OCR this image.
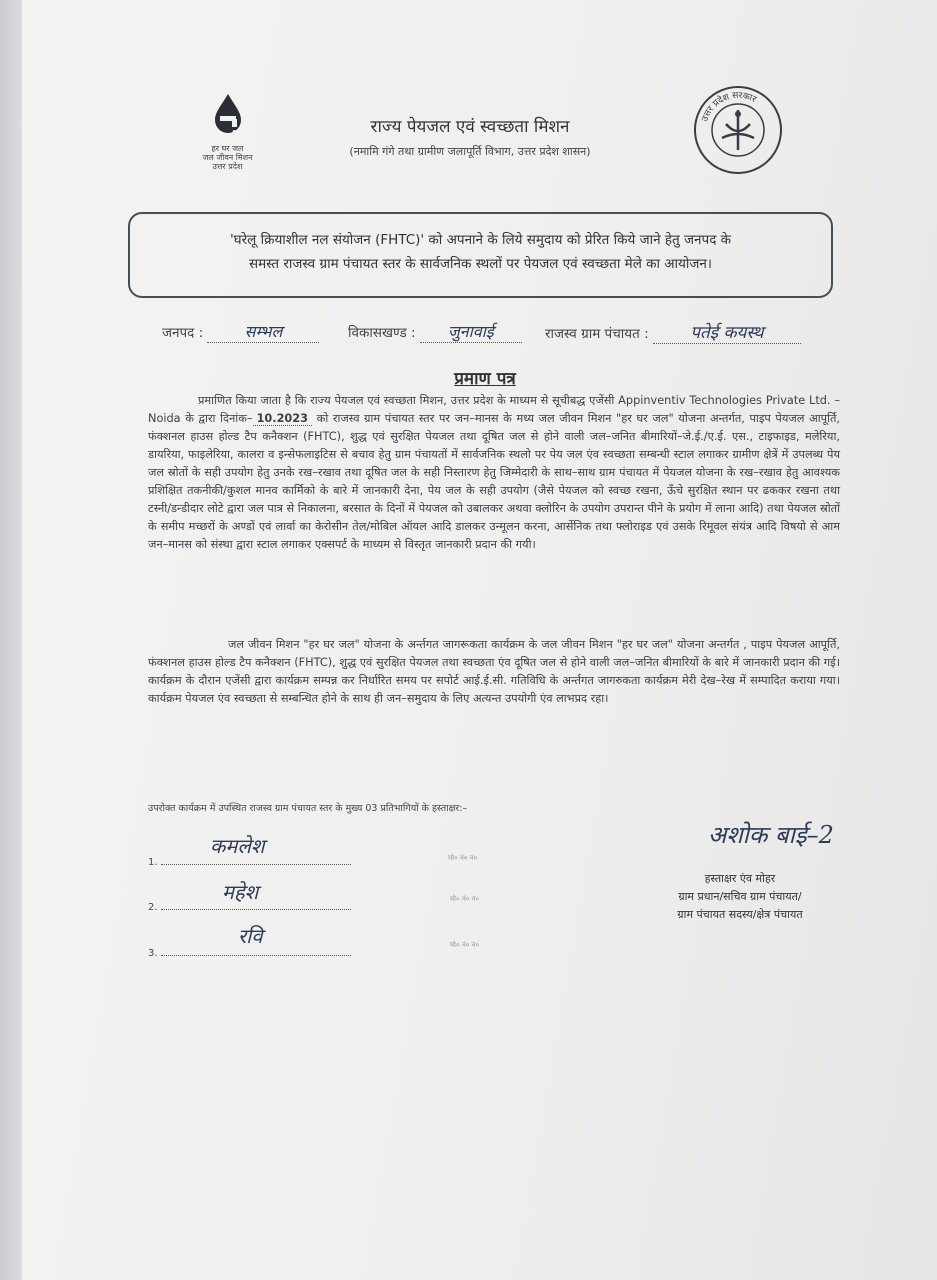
हर घर जल
जल जीवन मिशन
उत्तर प्रदेश
राज्य पेयजल एवं स्वच्छता मिशन
(नमामि गंगे तथा ग्रामीण जलापूर्ति विभाग, उत्तर प्रदेश शासन)
उत्तर प्रदेश सरकार
'घरेलू क्रियाशील नल संयोजन (FHTC)' को अपनाने के लिये समुदाय को प्रेरित किये जाने हेतु जनपद के
समस्त राजस्व ग्राम पंचायत स्तर के सार्वजनिक स्थलों पर पेयजल एवं स्वच्छता मेले का आयोजन।
जनपद :	सम्भल	विकासखण्ड : जुनावाई	राजस्व ग्राम पंचायत : पतेई कयस्थ
प्रमाण पत्र
प्रमाणित किया जाता है कि राज्य पेयजल एवं स्वच्छता मिशन, उत्तर प्रदेश के माध्यम से सूचीबद्ध एजेंसी Appinventiv Technologies Private Ltd. – Noida के द्वारा दिनांक– 10.2023 को राजस्व ग्राम पंचायत स्तर पर जन–मानस के मध्य जल जीवन मिशन "हर घर जल" योजना अन्तर्गत, पाइप पेयजल आपूर्ति, फंक्शनल हाउस होल्ड टैप कनैक्शन (FHTC), शुद्ध एवं सुरक्षित पेयजल तथा दूषित जल से होने वाली जल–जनित बीमारियों–जे.ई./ए.ई. एस., टाइफाइड, मलेरिया, डायरिया, फाइलेरिया, कालरा व इन्सेफलाइटिस से बचाव हेतु ग्राम पंचायतों में सार्वजनिक स्थलो पर पेय जल एंव स्वच्छता सम्बन्धी स्टाल लगाकर ग्रामीण क्षेत्रें में उपलब्ध पेय जल स्रोतों के सही उपयोग हेतु उनके रख–रखाव तथा दूषित जल के सही निस्तारण हेतु जिम्मेदारी के साथ–साथ ग्राम पंचायत में पेयजल योजना के रख–रखाव हेतु आवश्यक प्रशिक्षित तकनीकी/कुशल मानव कार्मिको के बारे में जानकारी देना, पेय जल के सही उपयोग (जैसे पेयजल को स्वच्छ रखना, ऊँचे सुरक्षित स्थान पर ढककर रखना तथा टस्नी/डन्डीदार लोटे द्वारा जल पात्र से निकालना, बरसात के दिनों में पेयजल को उबालकर अथवा क्लोरिन के उपयोग उपरान्त पीने के प्रयोग में लाना आदि) तथा पेयजल स्रोतों के समीप मच्छरों के अण्डों एवं लार्वा का केरोसीन तेल/मोबिल ऑयल आदि डालकर उन्मूलन करना, आर्सेनिक तथा फ्लोराइड एवं उसके रिमूवल संयंत्र आदि विषयो से आम जन–मानस को संस्था द्वारा स्टाल लगाकर एक्सपर्ट के माध्यम से विस्तृत जानकारी प्रदान की गयी।
जल जीवन मिशन "हर घर जल" योजना के अर्न्तगत जागरूकता कार्यक्रम के जल जीवन मिशन "हर घर जल" योजना अन्तर्गत , पाइप पेयजल आपूर्ति, फंक्शनल हाउस होल्ड टैप कनैक्शन (FHTC), शुद्ध एवं सुरक्षित पेयजल तथा स्वच्छता एंव दूषित जल से होने वाली जल–जनित बीमारियों के बारे में जानकारी प्रदान की गई। कार्यक्रम के दौरान एजेंसी द्वारा कार्यक्रम सम्पन्न कर निर्धारित समय पर सपोर्ट आई.ई.सी. गतिविधि के अर्न्तगत जागरुकता कार्यक्रम मेरी देख–रेख में सम्पादित कराया गया। कार्यक्रम पेयजल एंव स्वच्छता से सम्बन्धित होने के साथ ही जन–समुदाय के लिए अत्यन्त उपयोगी एंव लाभप्रद रहा।
उपरोक्त कार्यक्रम में उपस्थित राजस्व ग्राम पंचायत स्तर के मुख्य 03 प्रतिभागियों के हस्ताक्षर:–
1.
कमलेश	मो० नं० न०
2.
महेश	मो० नं० न०
3.
रवि	मो० नं० न०
अशोक बाई–2
हस्ताक्षर एंव मोहर
ग्राम प्रधान/सचिव ग्राम पंचायत/
ग्राम पंचायत सदस्य/क्षेत्र पंचायत
